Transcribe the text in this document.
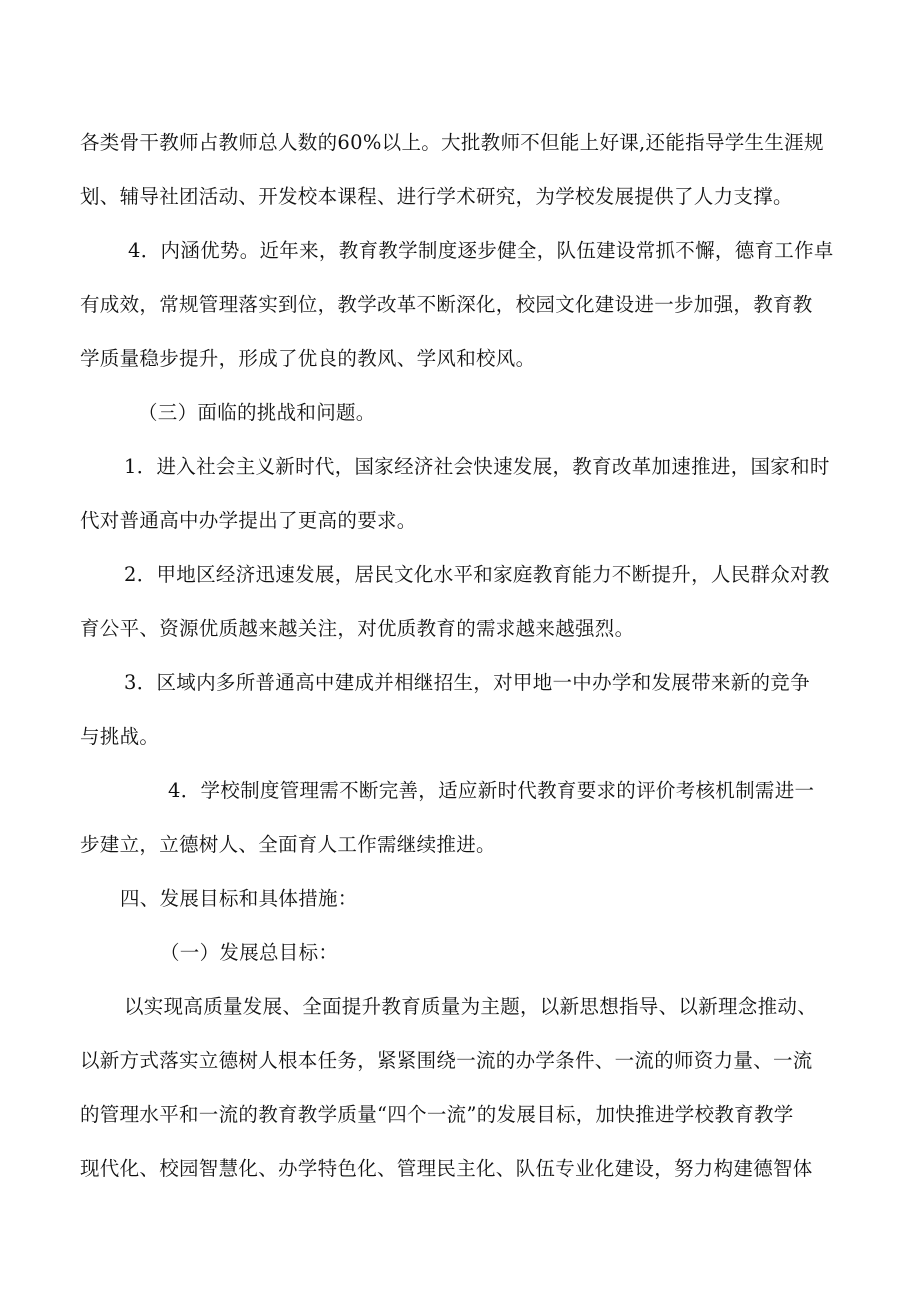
各类骨干教师占教师总人数的60%以上。大批教师不但能上好课,还能指导学生生涯规
划、辅导社团活动、开发校本课程、进行学术研究，为学校发展提供了人力支撑。

4．内涵优势。近年来，教育教学制度逐步健全，队伍建设常抓不懈，德育工作卓
有成效，常规管理落实到位，教学改革不断深化，校园文化建设进一步加强，教育教
学质量稳步提升，形成了优良的教风、学风和校风。

（三）面临的挑战和问题。

1．进入社会主义新时代，国家经济社会快速发展，教育改革加速推进，国家和时
代对普通高中办学提出了更高的要求。

2．甲地区经济迅速发展，居民文化水平和家庭教育能力不断提升，人民群众对教
育公平、资源优质越来越关注，对优质教育的需求越来越强烈。

3．区域内多所普通高中建成并相继招生，对甲地一中办学和发展带来新的竞争
与挑战。

4．学校制度管理需不断完善，适应新时代教育要求的评价考核机制需进一
步建立，立德树人、全面育人工作需继续推进。

四、发展目标和具体措施：

（一）发展总目标：

以实现高质量发展、全面提升教育质量为主题，以新思想指导、以新理念推动、
以新方式落实立德树人根本任务，紧紧围绕一流的办学条件、一流的师资力量、一流
的管理水平和一流的教育教学质量“四个一流”的发展目标，加快推进学校教育教学
现代化、校园智慧化、办学特色化、管理民主化、队伍专业化建设，努力构建德智体
